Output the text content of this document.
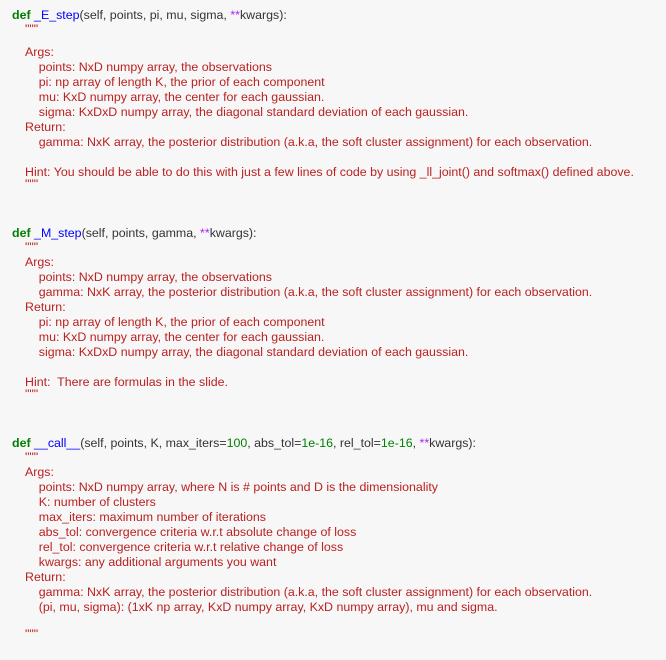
def _E_step(self, points, pi, mu, sigma, **kwargs):
"""
Args:
points: NxD numpy array, the observations
pi: np array of length K, the prior of each component
mu: KxD numpy array, the center for each gaussian.
sigma: KxDxD numpy array, the diagonal standard deviation of each gaussian.
Return:
gamma: NxK array, the posterior distribution (a.k.a, the soft cluster assignment) for each observation.
Hint: You should be able to do this with just a few lines of code by using _ll_joint() and softmax() defined above.
"""
def _M_step(self, points, gamma, **kwargs):
"""
Args:
points: NxD numpy array, the observations
gamma: NxK array, the posterior distribution (a.k.a, the soft cluster assignment) for each observation.
Return:
pi: np array of length K, the prior of each component
mu: KxD numpy array, the center for each gaussian.
sigma: KxDxD numpy array, the diagonal standard deviation of each gaussian.
Hint:  There are formulas in the slide.
"""
def __call__(self, points, K, max_iters=100, abs_tol=1e-16, rel_tol=1e-16, **kwargs):
"""
Args:
points: NxD numpy array, where N is # points and D is the dimensionality
K: number of clusters
max_iters: maximum number of iterations
abs_tol: convergence criteria w.r.t absolute change of loss
rel_tol: convergence criteria w.r.t relative change of loss
kwargs: any additional arguments you want
Return:
gamma: NxK array, the posterior distribution (a.k.a, the soft cluster assignment) for each observation.
(pi, mu, sigma): (1xK np array, KxD numpy array, KxD numpy array), mu and sigma.
"""
